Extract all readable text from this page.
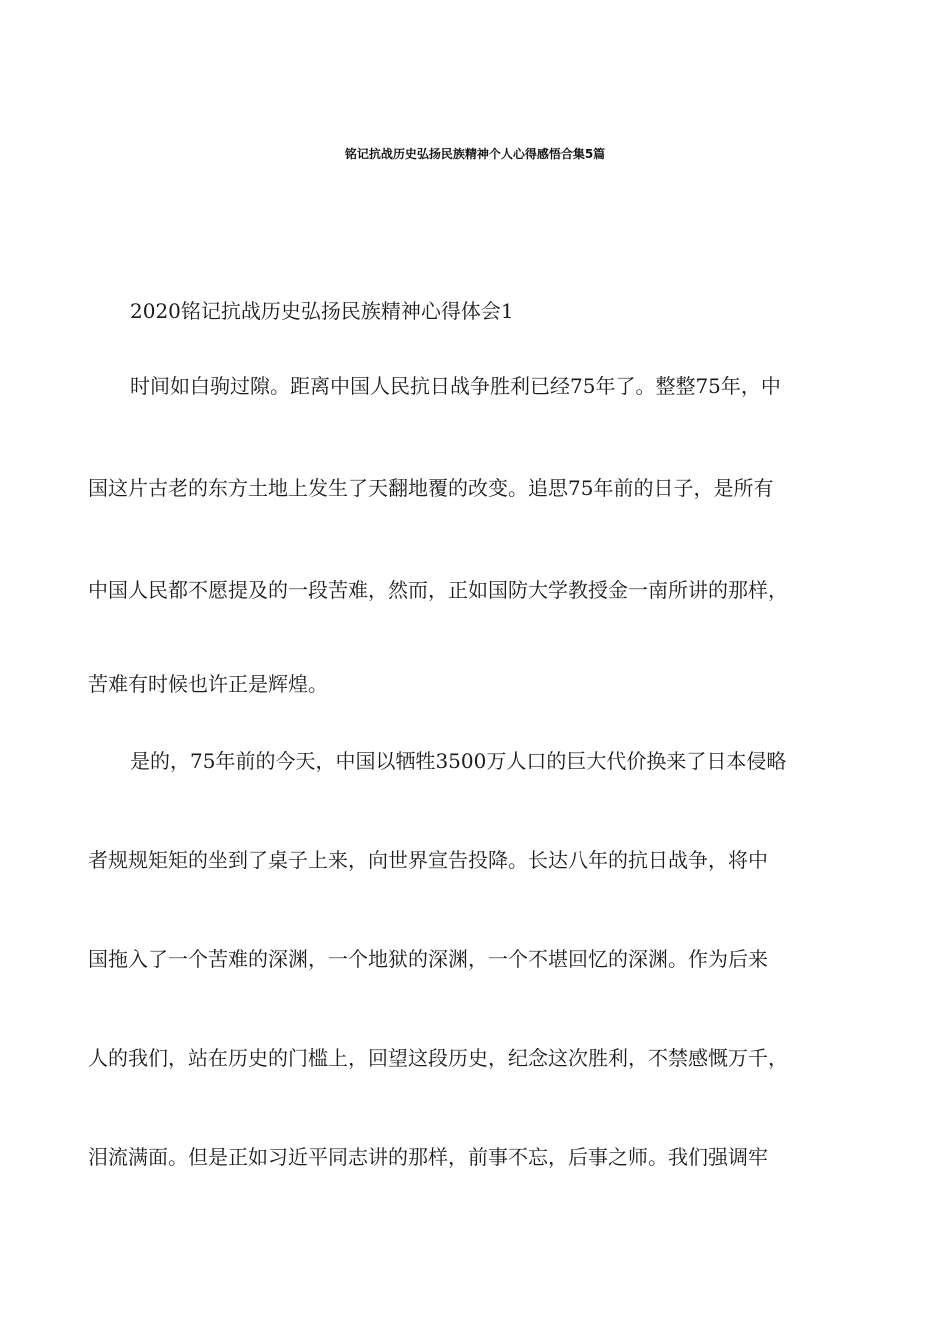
铭记抗战历史弘扬民族精神个人心得感悟合集5篇

2020铭记抗战历史弘扬民族精神心得体会1

时间如白驹过隙。距离中国人民抗日战争胜利已经75年了。整整75年，中

国这片古老的东方土地上发生了天翻地覆的改变。追思75年前的日子，是所有

中国人民都不愿提及的一段苦难，然而，正如国防大学教授金一南所讲的那样，

苦难有时候也许正是辉煌。

是的，75年前的今天，中国以牺牲3500万人口的巨大代价换来了日本侵略

者规规矩矩的坐到了桌子上来，向世界宣告投降。长达八年的抗日战争，将中

国拖入了一个苦难的深渊，一个地狱的深渊，一个不堪回忆的深渊。作为后来

人的我们，站在历史的门槛上，回望这段历史，纪念这次胜利，不禁感慨万千，

泪流满面。但是正如习近平同志讲的那样，前事不忘，后事之师。我们强调牢
